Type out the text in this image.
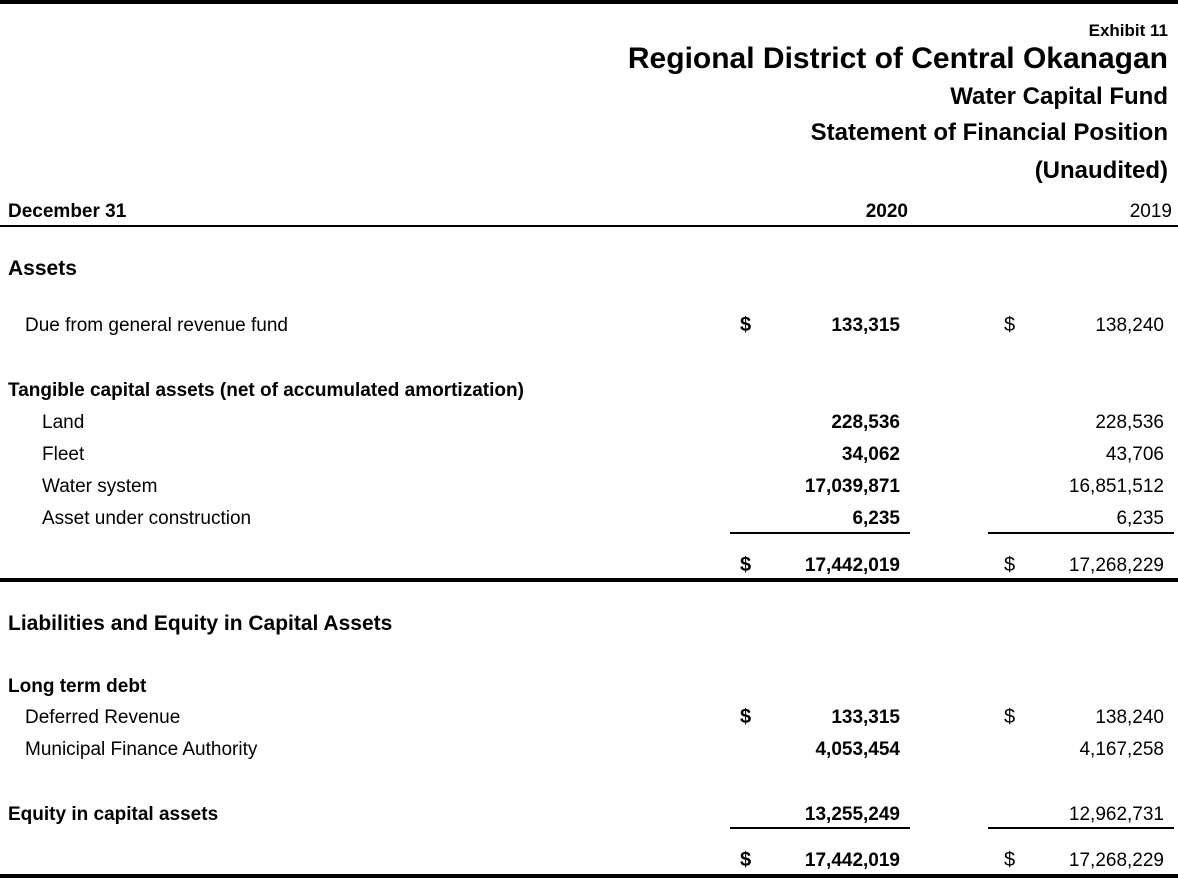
Exhibit 11
Regional District of Central Okanagan
Water Capital Fund
Statement of Financial Position
(Unaudited)
December 31	2020	2019
Assets
Due from general revenue fund	$	133,315	$	138,240
Tangible capital assets (net of accumulated amortization)
Land	228,536	228,536
Fleet	34,062	43,706
Water system	17,039,871	16,851,512
Asset under construction	6,235	6,235
$	17,442,019	$	17,268,229
Liabilities and Equity in Capital Assets
Long term debt
Deferred Revenue	$	133,315	$	138,240
Municipal Finance Authority	4,053,454	4,167,258
Equity in capital assets	13,255,249	12,962,731
$	17,442,019	$	17,268,229
